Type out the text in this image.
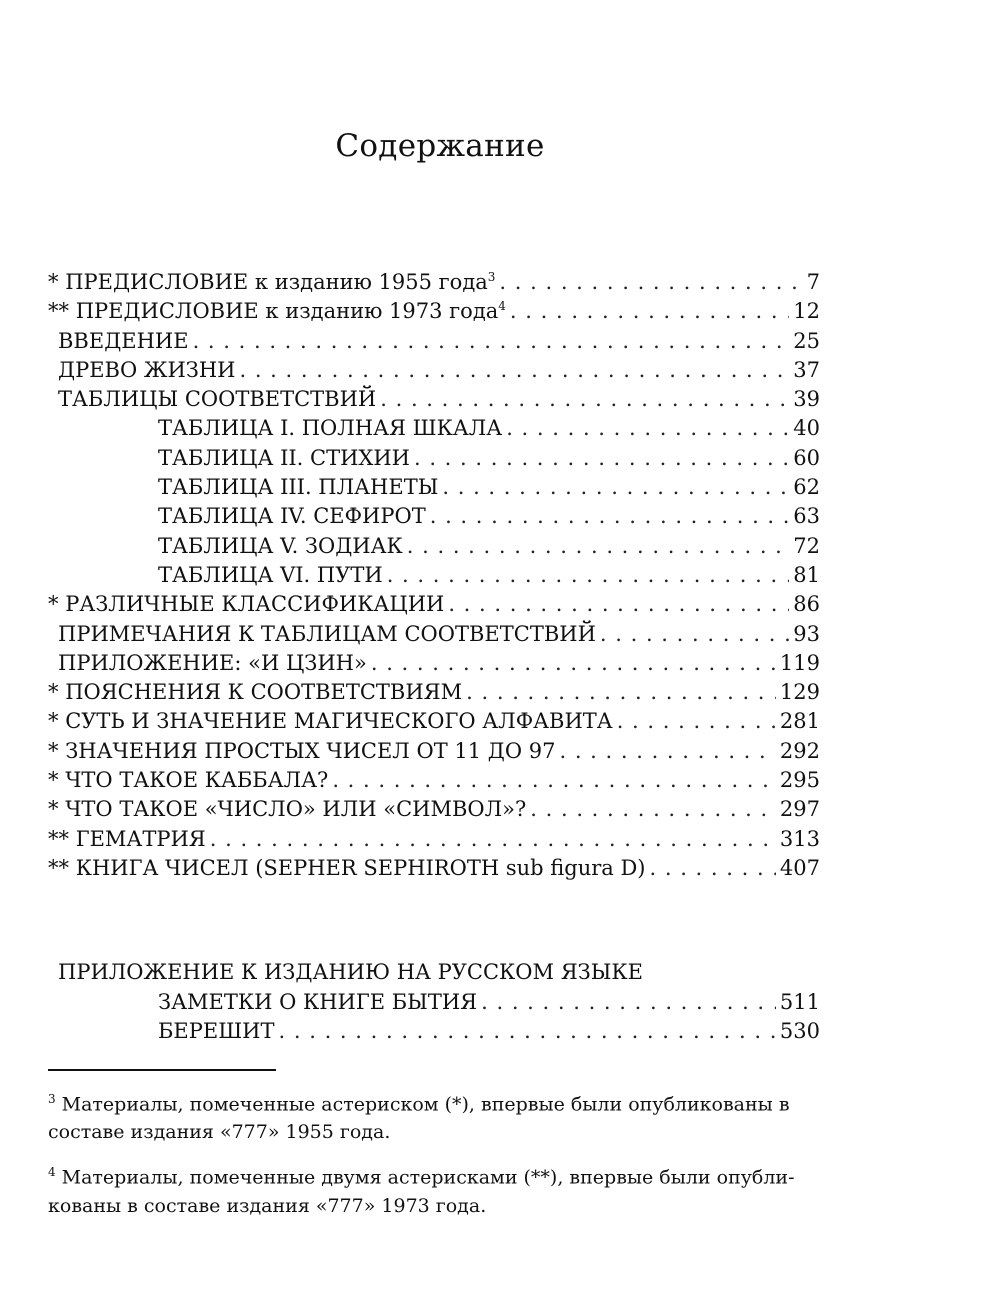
Содержание
* ПРЕДИСЛОВИЕ к изданию 1955 года$^3$ . . .	7
** ПРЕДИСЛОВИЕ к изданию 1973 года$^4$ . . .	12
ВВЕДЕНИЕ . . .	25
ДРЕВО ЖИЗНИ . . .	37
ТАБЛИЦЫ СООТВЕТСТВИЙ . . .	39
ТАБЛИЦА I. ПОЛНАЯ ШКАЛА . . .	40
ТАБЛИЦА II. СТИХИИ . . .	60
ТАБЛИЦА III. ПЛАНЕТЫ . . .	62
ТАБЛИЦА IV. СЕФИРОТ . . .	63
ТАБЛИЦА V. ЗОДИАК . . .	72
ТАБЛИЦА VI. ПУТИ . . .	81
* РАЗЛИЧНЫЕ КЛАССИФИКАЦИИ . . .	86
ПРИМЕЧАНИЯ К ТАБЛИЦАМ СООТВЕТСТВИЙ . . .	93
ПРИЛОЖЕНИЕ: «И ЦЗИН» . . .	119
* ПОЯСНЕНИЯ К СООТВЕТСТВИЯМ . . .	129
* СУТЬ И ЗНАЧЕНИЕ МАГИЧЕСКОГО АЛФАВИТА . . .	281
* ЗНАЧЕНИЯ ПРОСТЫХ ЧИСЕЛ ОТ 11 ДО 97 . . .	292
* ЧТО ТАКОЕ КАББАЛА? . . .	295
* ЧТО ТАКОЕ «ЧИСЛО» ИЛИ «СИМВОЛ»? . . .	297
** ГЕМАТРИЯ . . .	313
** КНИГА ЧИСЕЛ (SEPHER SEPHIROTH sub figura D) . . .	407
ПРИЛОЖЕНИЕ К ИЗДАНИЮ НА РУССКОМ ЯЗЫКЕ
ЗАМЕТКИ О КНИГЕ БЫТИЯ . . .	511
БЕРЕШИТ . . .	530
$^3$ Материалы, помеченные астериском (*), впервые были опубликованы в составе издания «777» 1955 года.
$^4$ Материалы, помеченные двумя астерисками (**), впервые были опубли-кованы в составе издания «777» 1973 года.
